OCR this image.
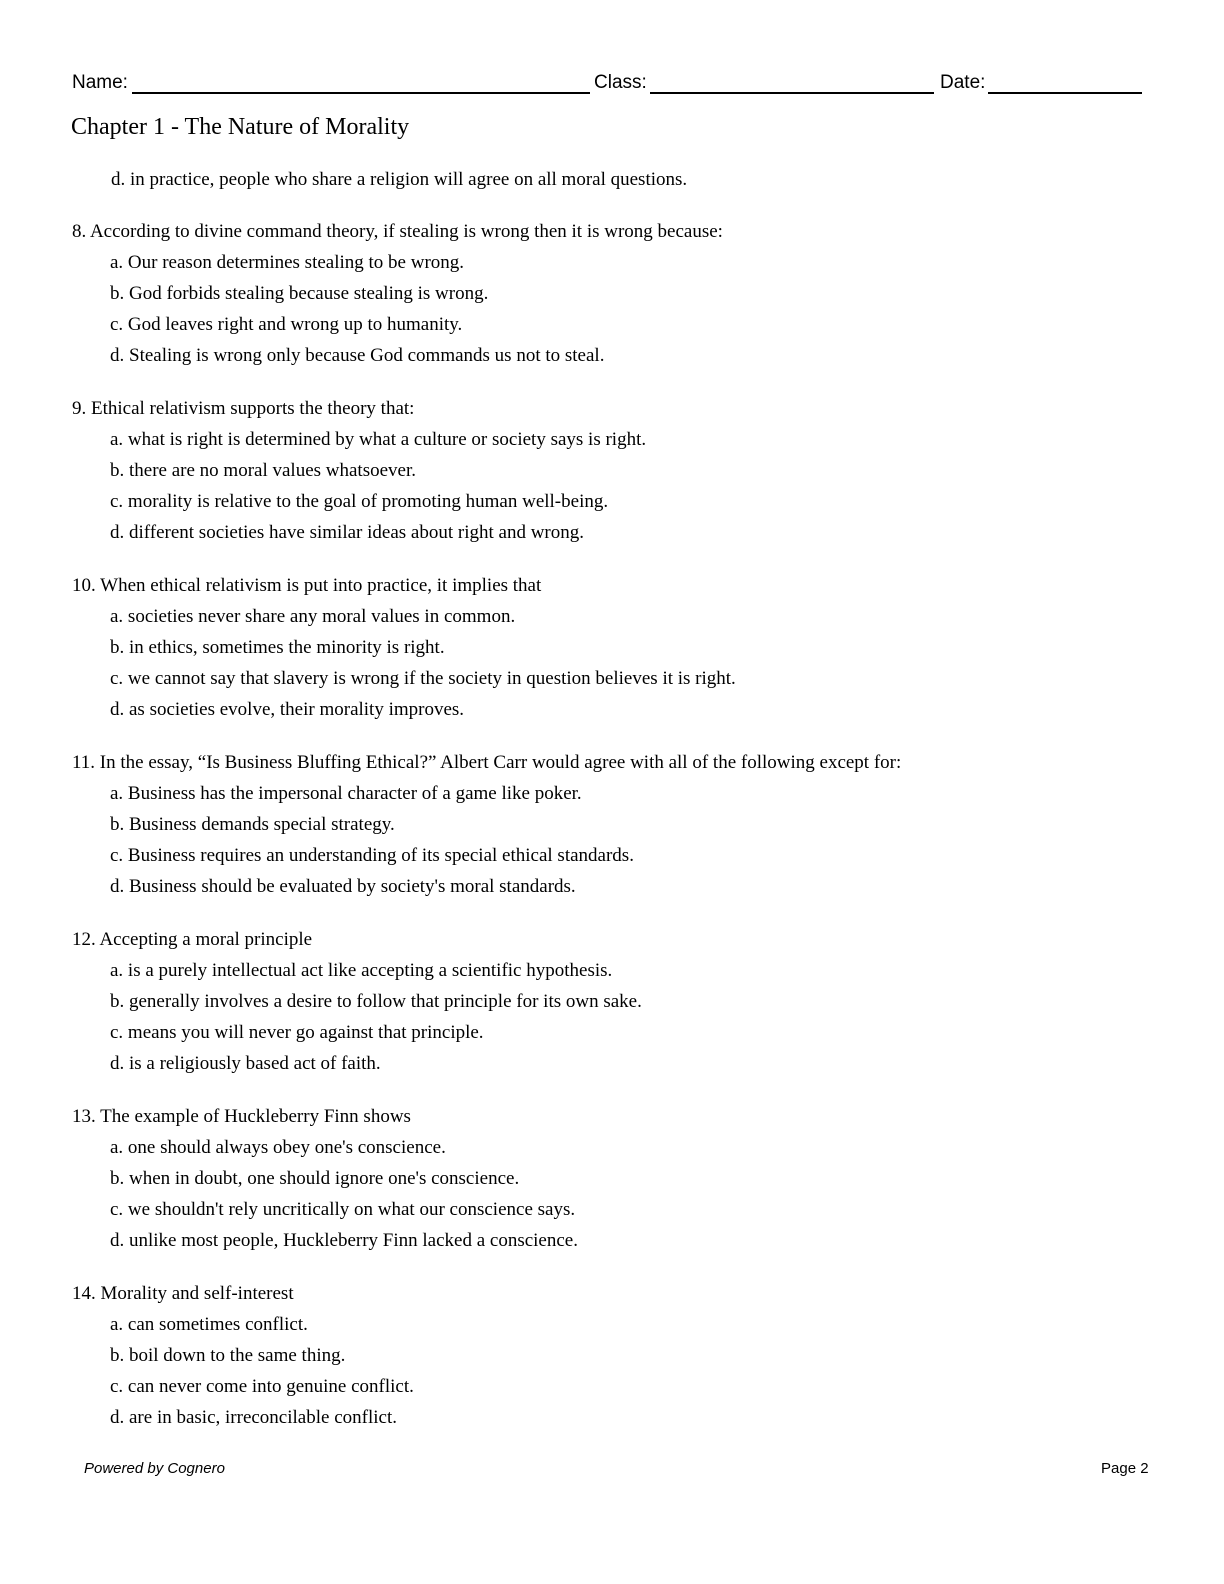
Name:	Class:	Date:
Chapter 1 - The Nature of Morality
d. in practice, people who share a religion will agree on all moral questions.
8. According to divine command theory, if stealing is wrong then it is wrong because:
a. Our reason determines stealing to be wrong.
b. God forbids stealing because stealing is wrong.
c. God leaves right and wrong up to humanity.
d. Stealing is wrong only because God commands us not to steal.
9. Ethical relativism supports the theory that:
a. what is right is determined by what a culture or society says is right.
b. there are no moral values whatsoever.
c. morality is relative to the goal of promoting human well-being.
d. different societies have similar ideas about right and wrong.
10. When ethical relativism is put into practice, it implies that
a. societies never share any moral values in common.
b. in ethics, sometimes the minority is right.
c. we cannot say that slavery is wrong if the society in question believes it is right.
d. as societies evolve, their morality improves.
11. In the essay, “Is Business Bluffing Ethical?” Albert Carr would agree with all of the following except for:
a. Business has the impersonal character of a game like poker.
b. Business demands special strategy.
c. Business requires an understanding of its special ethical standards.
d. Business should be evaluated by society's moral standards.
12. Accepting a moral principle
a. is a purely intellectual act like accepting a scientific hypothesis.
b. generally involves a desire to follow that principle for its own sake.
c. means you will never go against that principle.
d. is a religiously based act of faith.
13. The example of Huckleberry Finn shows
a. one should always obey one's conscience.
b. when in doubt, one should ignore one's conscience.
c. we shouldn't rely uncritically on what our conscience says.
d. unlike most people, Huckleberry Finn lacked a conscience.
14. Morality and self-interest
a. can sometimes conflict.
b. boil down to the same thing.
c. can never come into genuine conflict.
d. are in basic, irreconcilable conflict.
Powered by Cognero	Page 2
